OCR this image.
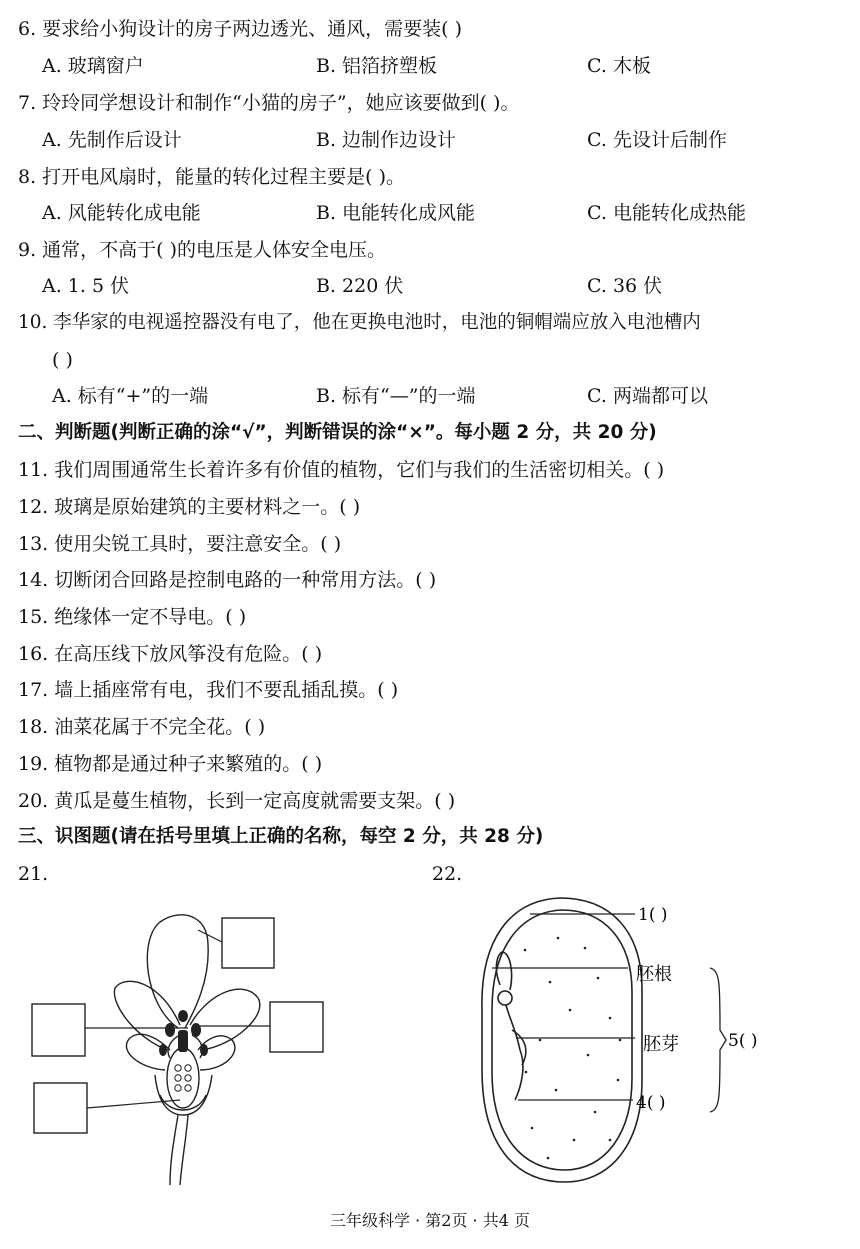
6. 要求给小狗设计的房子两边透光、通风，需要装( )
A. 玻璃窗户	B. 铝箔挤塑板	C. 木板
7. 玲玲同学想设计和制作“小猫的房子”，她应该要做到( )。
A. 先制作后设计	B. 边制作边设计	C. 先设计后制作
8. 打开电风扇时，能量的转化过程主要是( )。
A. 风能转化成电能	B. 电能转化成风能	C. 电能转化成热能
9. 通常，不高于( )的电压是人体安全电压。
A. 1. 5 伏	B. 220 伏	C. 36 伏
10. 李华家的电视遥控器没有电了，他在更换电池时，电池的铜帽端应放入电池槽内
( )
A. 标有“+”的一端	B. 标有“—”的一端	C. 两端都可以
二、判断题(判断正确的涂“√”，判断错误的涂“×”。每小题 2 分，共 20 分)
11. 我们周围通常生长着许多有价值的植物，它们与我们的生活密切相关。( )
12. 玻璃是原始建筑的主要材料之一。( )
13. 使用尖锐工具时，要注意安全。( )
14. 切断闭合回路是控制电路的一种常用方法。( )
15. 绝缘体一定不导电。( )
16. 在高压线下放风筝没有危险。( )
17. 墙上插座常有电，我们不要乱插乱摸。( )
18. 油菜花属于不完全花。( )
19. 植物都是通过种子来繁殖的。( )
20. 黄瓜是蔓生植物，长到一定高度就需要支架。( )
三、识图题(请在括号里填上正确的名称，每空 2 分，共 28 分)
21.	22.
1( )
胚根
胚芽	5( )
4( )
三年级科学 · 第2页 · 共4 页
